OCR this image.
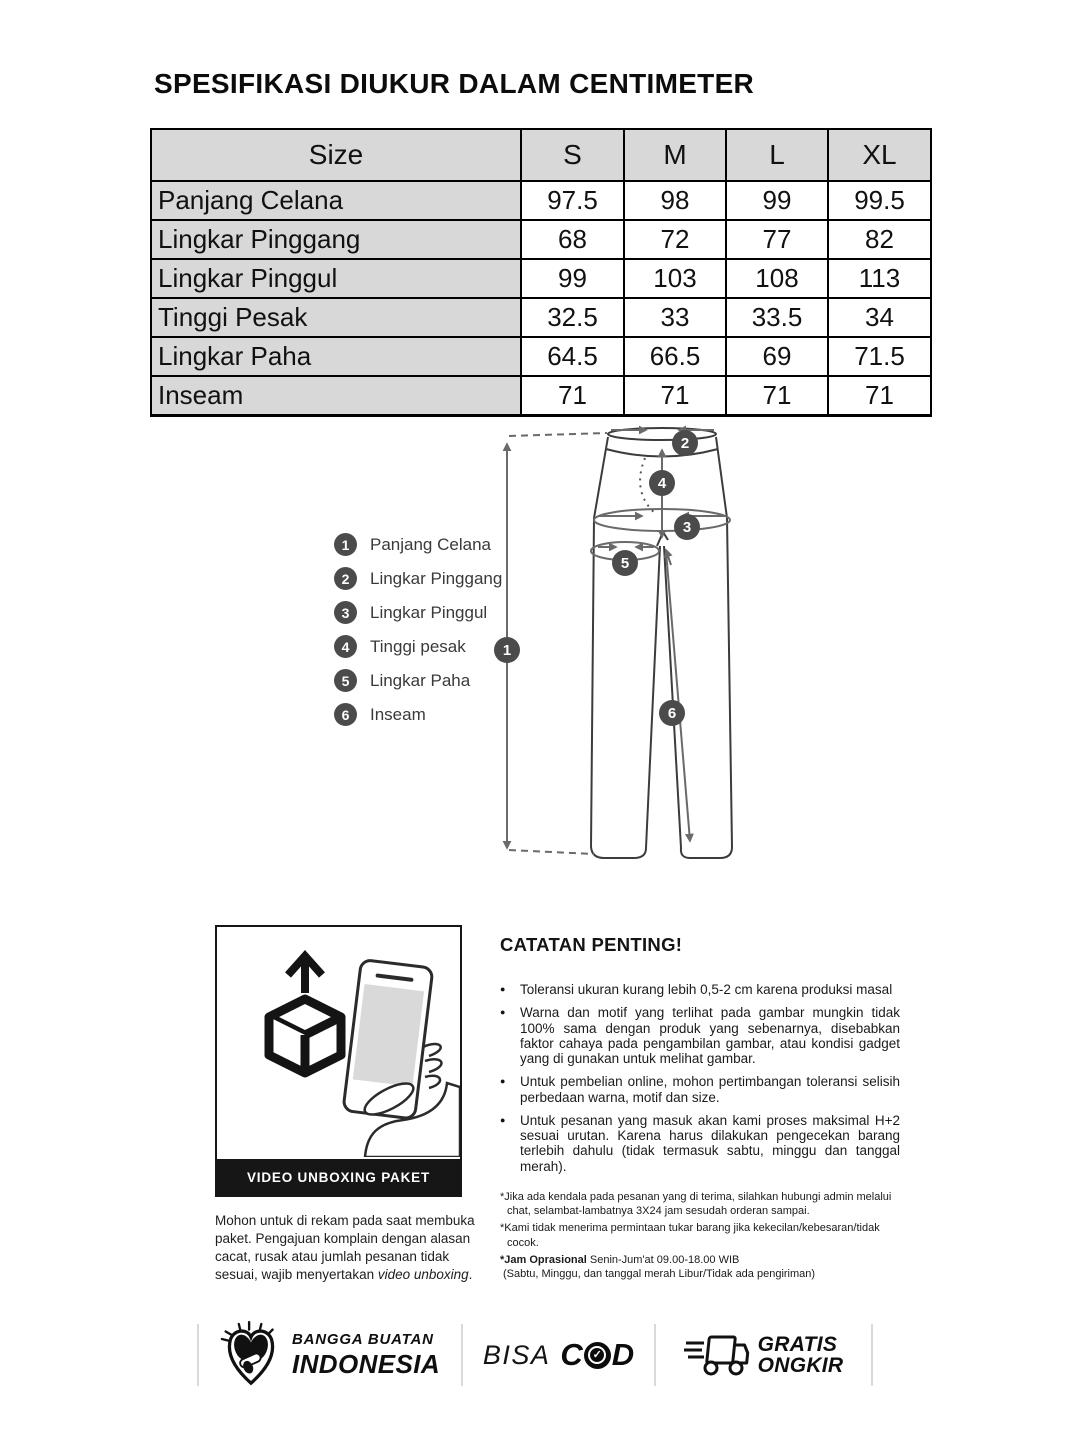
SPESIFIKASI DIUKUR DALAM CENTIMETER
Size	S	M	L	XL
Panjang Celana	97.5	98	99	99.5
Lingkar Pinggang	68	72	77	82
Lingkar Pinggul	99	103	108	113
Tinggi Pesak	32.5	33	33.5	34
Lingkar Paha	64.5	66.5	69	71.5
Inseam	71	71	71	71
1	Panjang Celana
2	Lingkar Pinggang
3	Lingkar Pinggul
4	Tinggi pesak
5	Lingkar Paha
6	Inseam
1
2
3
4
5
6
VIDEO UNBOXING PAKET
Mohon untuk di rekam pada saat membuka paket. Pengajuan komplain dengan alasan cacat, rusak atau jumlah pesanan tidak sesuai, wajib menyertakan video unboxing.
CATATAN PENTING!
● Toleransi ukuran kurang lebih 0,5-2 cm karena produksi masal
● Warna dan motif yang terlihat pada gambar mungkin tidak 100% sama dengan produk yang sebenarnya, disebabkan faktor cahaya pada pengambilan gambar, atau kondisi gadget yang di gunakan untuk melihat gambar.
● Untuk pembelian online, mohon pertimbangan toleransi selisih perbedaan warna, motif dan size.
● Untuk pesanan yang masuk akan kami proses maksimal H+2 sesuai urutan. Karena harus dilakukan pengecekan barang terlebih dahulu (tidak termasuk sabtu, minggu dan tanggal merah).
*Jika ada kendala pada pesanan yang di terima, silahkan hubungi admin melalui chat, selambat-lambatnya 3X24 jam sesudah orderan sampai.
*Kami tidak menerima permintaan tukar barang jika kekecilan/kebesaran/tidak cocok.
*Jam Oprasional Senin-Jum'at 09.00-18.00 WIB
(Sabtu, Minggu, dan tanggal merah Libur/Tidak ada pengiriman)
BANGGA BUATAN
INDONESIA BISA C ✓ D	GRATIS
ONGKIR
